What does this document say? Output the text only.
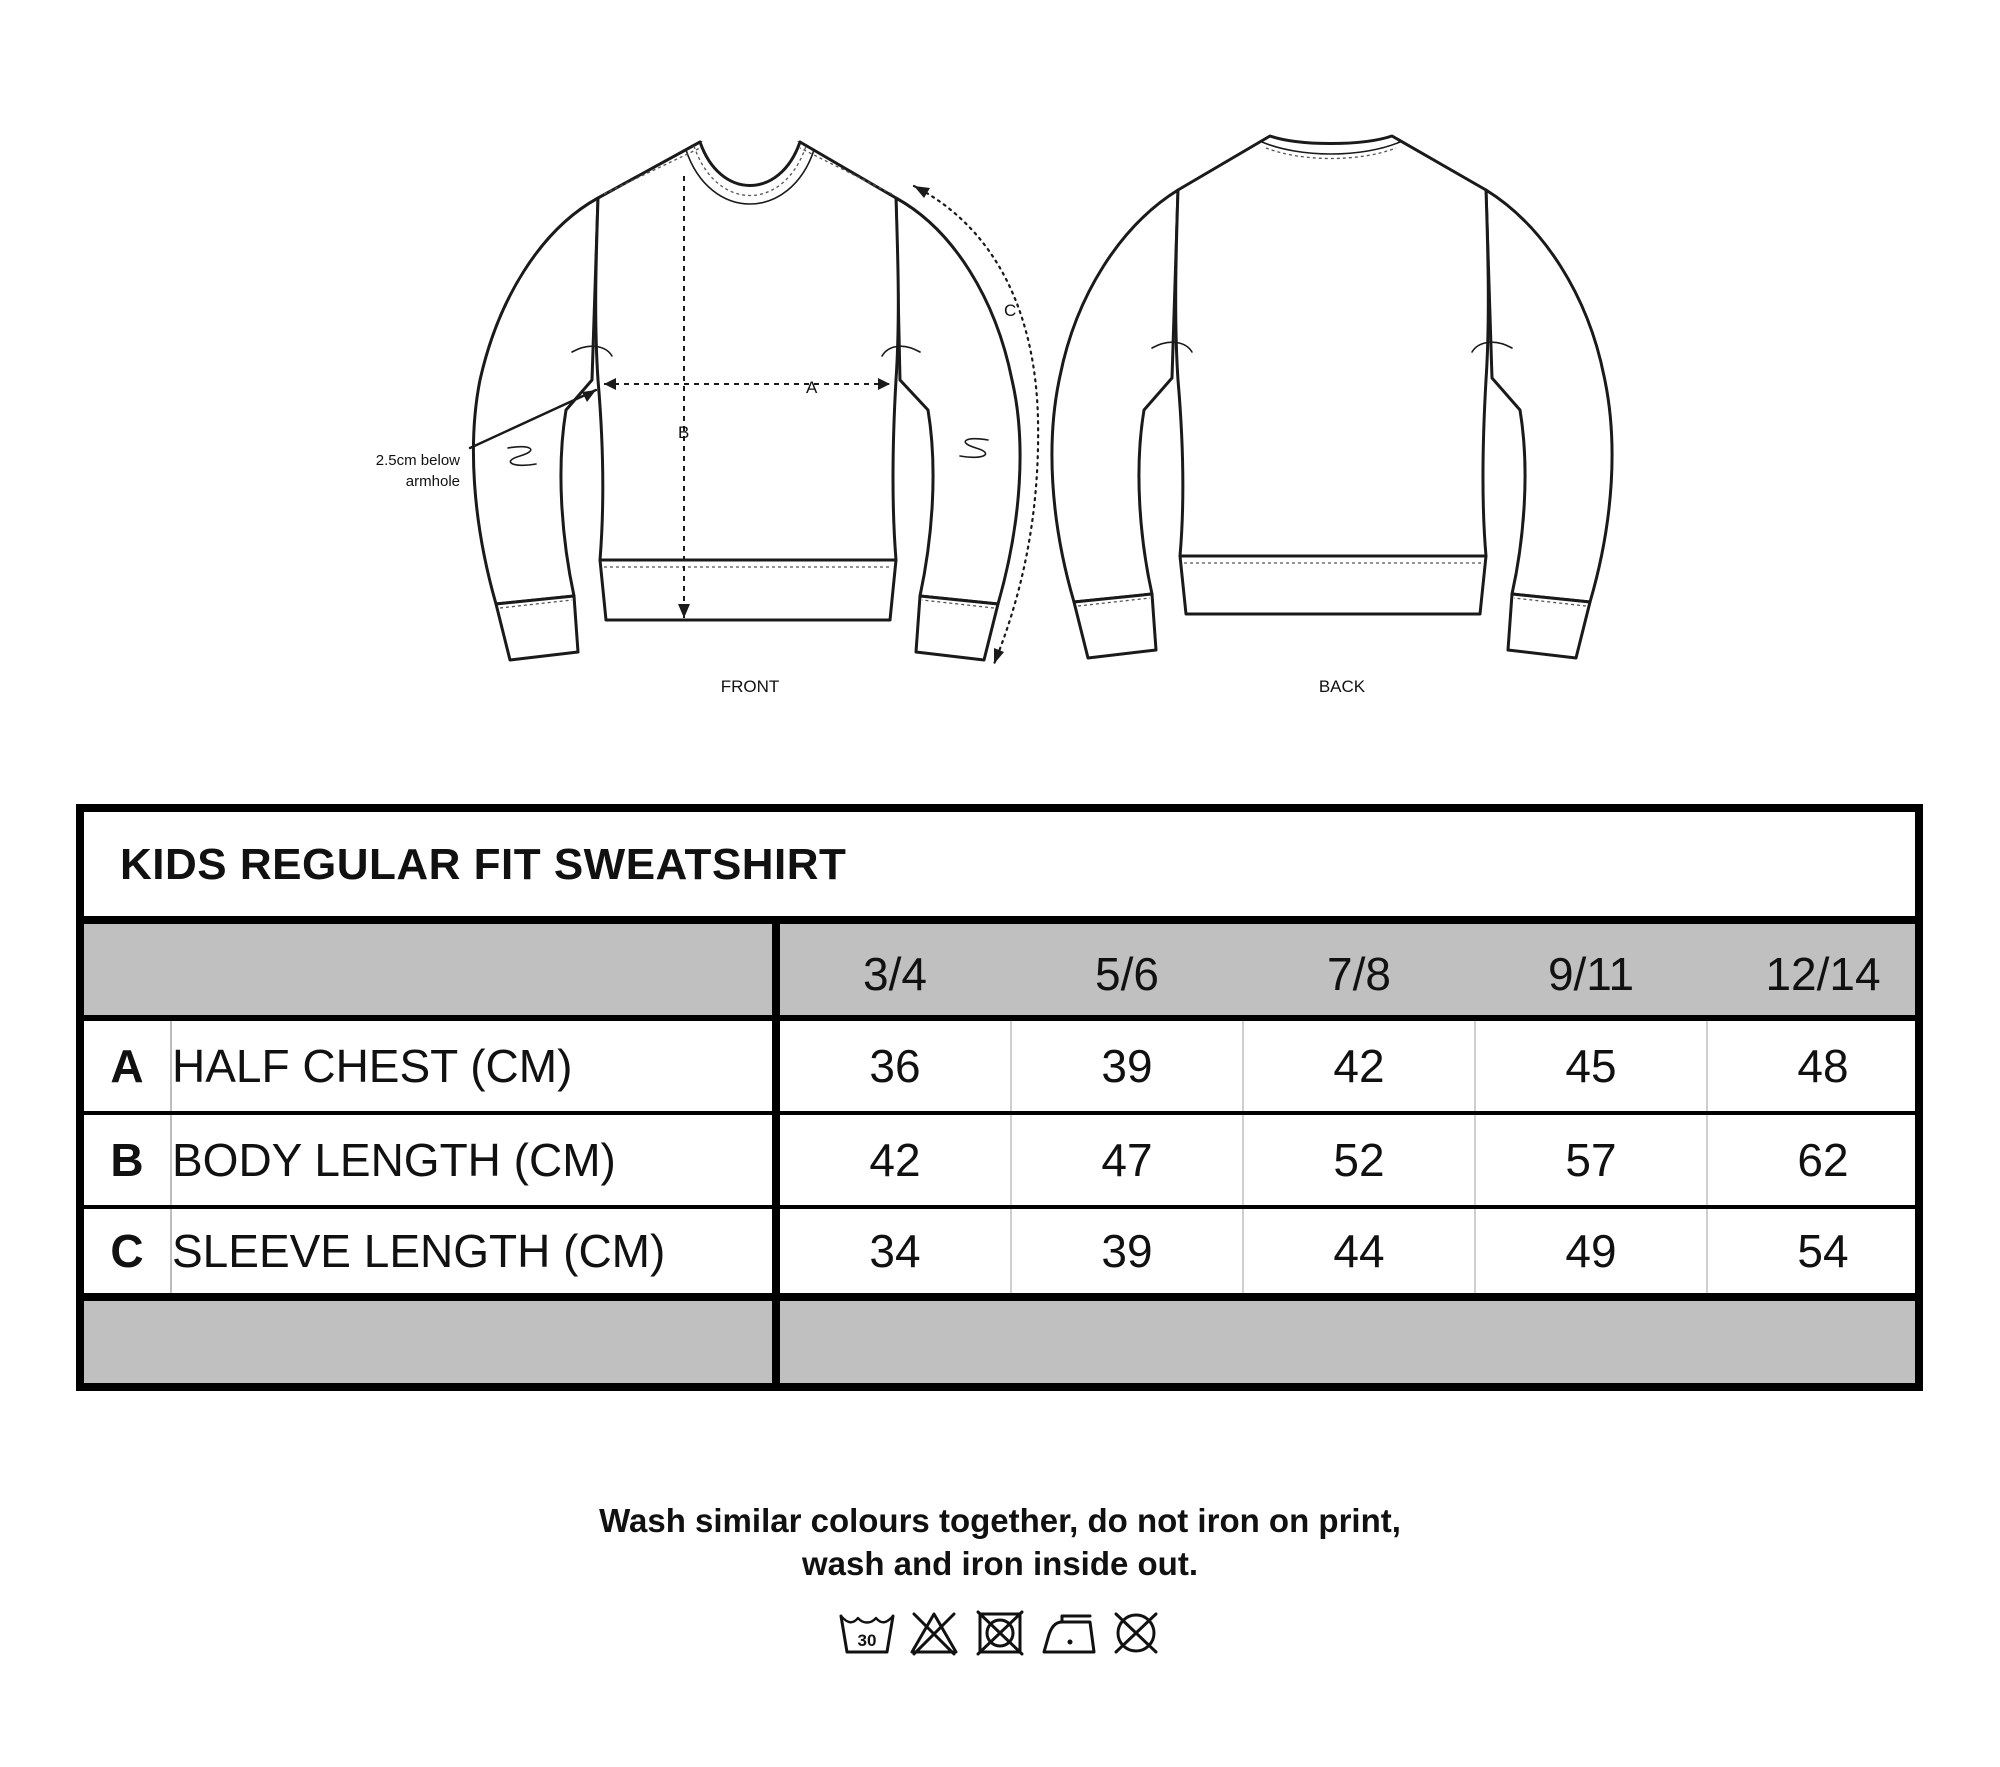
A
B
C
2.5cm below
armhole
FRONT	BACK
KIDS REGULAR FIT SWEATSHIRT
3/4	5/6	7/8	9/11	12/14
A HALF CHEST (CM)	36	39	42	45	48
B BODY LENGTH (CM)	42	47	52	57	62
C SLEEVE LENGTH (CM)	34	39	44	49	54
Wash similar colours together, do not iron on print,
wash and iron inside out.
30
